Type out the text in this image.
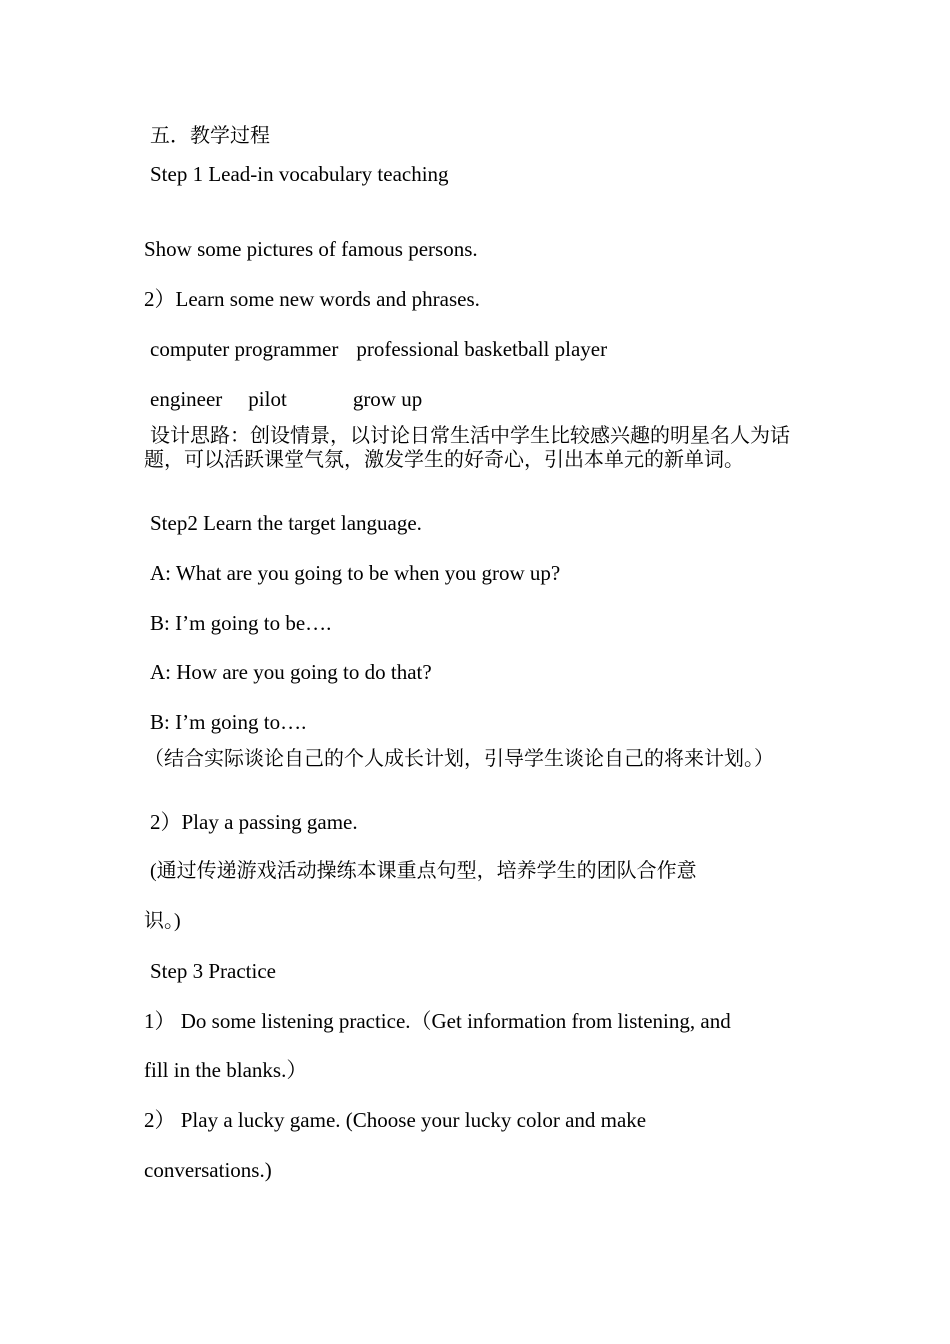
五．教学过程

Step 1 Lead-in vocabulary teaching

Show some pictures of famous persons.

2）Learn some new words and phrases.

computer programmer professional basketball player

engineer pilot	grow up

设计思路：创设情景，以讨论日常生活中学生比较感兴趣的明星名人为话题，可以活跃课堂气氛，激发学生的好奇心，引出本单元的新单词。

Step2 Learn the target language.

A: What are you going to be when you grow up?

B: I’m going to be….

A: How are you going to do that?

B: I’m going to….

（结合实际谈论自己的个人成长计划，引导学生谈论自己的将来计划。）

2）Play a passing game.

(通过传递游戏活动操练本课重点句型，培养学生的团队合作意

识。)

Step 3 Practice

1） Do some listening practice.（Get information from listening, and

fill in the blanks.）

2） Play a lucky game. (Choose your lucky color and make

conversations.)
